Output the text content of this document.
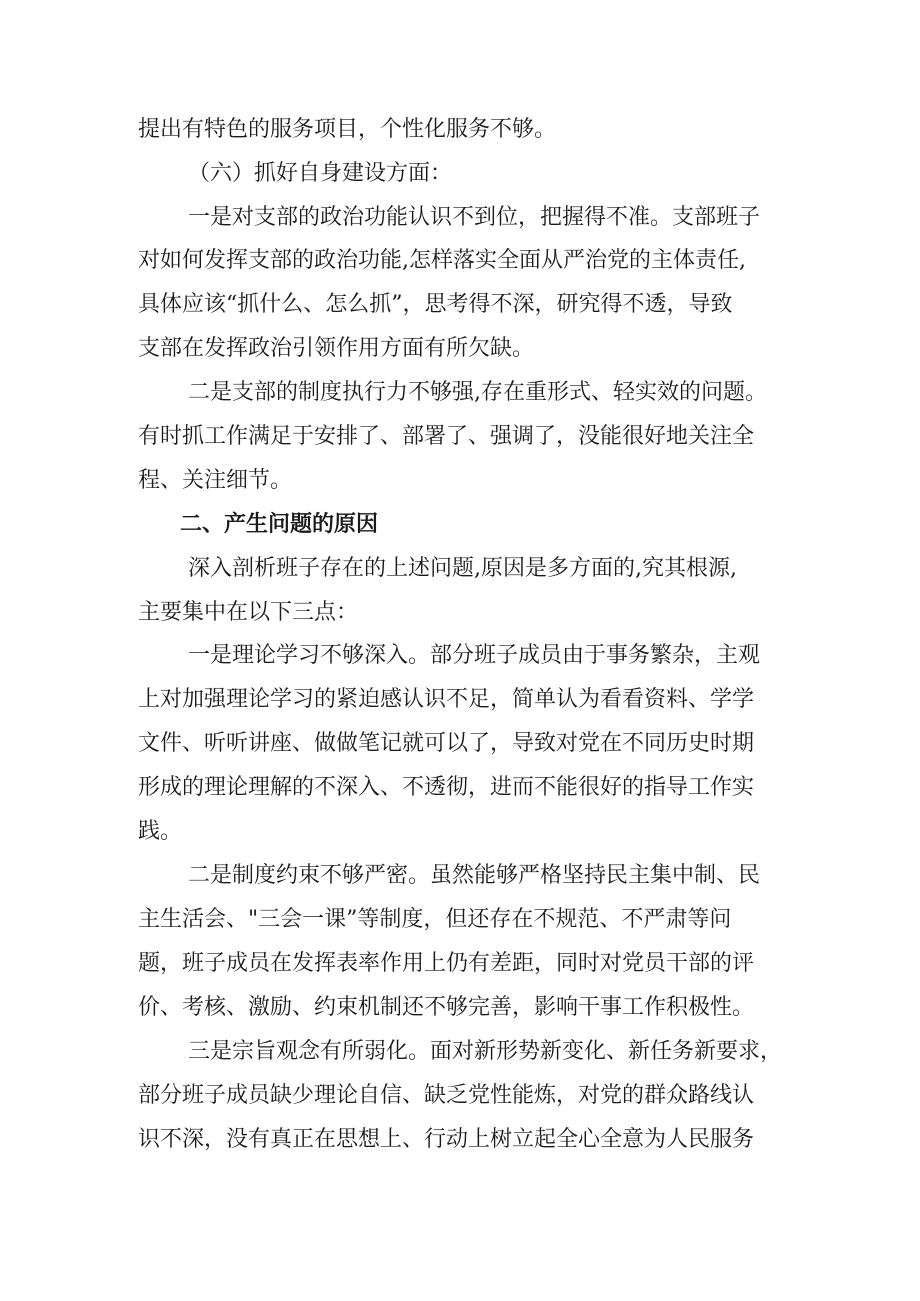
提出有特色的服务项目，个性化服务不够。
（六）抓好自身建设方面：
一是对支部的政治功能认识不到位，把握得不准。支部班子
对如何发挥支部的政治功能,怎样落实全面从严治党的主体责任,
具体应该“抓什么、怎么抓”，思考得不深，研究得不透，导致
支部在发挥政治引领作用方面有所欠缺。
二是支部的制度执行力不够强,存在重形式、轻实效的问题。
有时抓工作满足于安排了、部署了、强调了，没能很好地关注全
程、关注细节。
二、产生问题的原因
深入剖析班子存在的上述问题,原因是多方面的,究其根源,
主要集中在以下三点：
一是理论学习不够深入。部分班子成员由于事务繁杂，主观
上对加强理论学习的紧迫感认识不足，简单认为看看资料、学学
文件、听听讲座、做做笔记就可以了，导致对党在不同历史时期
形成的理论理解的不深入、不透彻，进而不能很好的指导工作实
践。
二是制度约束不够严密。虽然能够严格坚持民主集中制、民
主生活会、"三会一课”等制度，但还存在不规范、不严肃等问
题，班子成员在发挥表率作用上仍有差距，同时对党员干部的评
价、考核、激励、约束机制还不够完善，影响干事工作积极性。
三是宗旨观念有所弱化。面对新形势新变化、新任务新要求，
部分班子成员缺少理论自信、缺乏党性能炼，对党的群众路线认
识不深，没有真正在思想上、行动上树立起全心全意为人民服务
